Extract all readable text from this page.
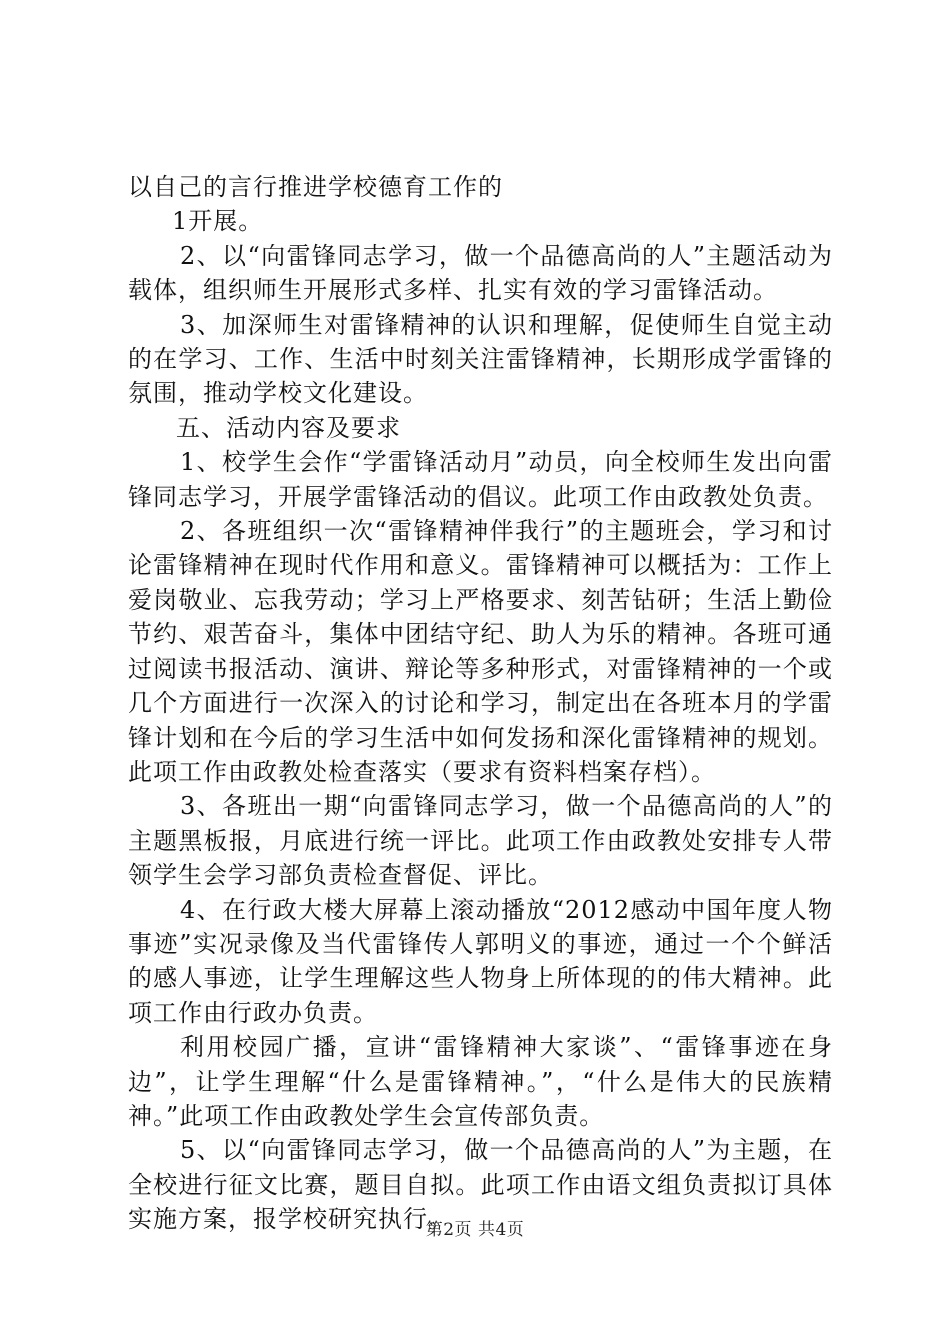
以自己的言行推进学校德育工作的

1开展。

2、以“向雷锋同志学习，做一个品德高尚的人”主题活动为载体，组织师生开展形式多样、扎实有效的学习雷锋活动。

3、加深师生对雷锋精神的认识和理解，促使师生自觉主动的在学习、工作、生活中时刻关注雷锋精神，长期形成学雷锋的氛围，推动学校文化建设。

五、活动内容及要求

1、校学生会作“学雷锋活动月”动员，向全校师生发出向雷锋同志学习，开展学雷锋活动的倡议。此项工作由政教处负责。

2、各班组织一次“雷锋精神伴我行”的主题班会，学习和讨论雷锋精神在现时代作用和意义。雷锋精神可以概括为：工作上爱岗敬业、忘我劳动；学习上严格要求、刻苦钻研；生活上勤俭节约、艰苦奋斗，集体中团结守纪、助人为乐的精神。各班可通过阅读书报活动、演讲、辩论等多种形式，对雷锋精神的一个或几个方面进行一次深入的讨论和学习，制定出在各班本月的学雷锋计划和在今后的学习生活中如何发扬和深化雷锋精神的规划。此项工作由政教处检查落实（要求有资料档案存档）。

3、各班出一期“向雷锋同志学习，做一个品德高尚的人”的主题黑板报，月底进行统一评比。此项工作由政教处安排专人带领学生会学习部负责检查督促、评比。

4、在行政大楼大屏幕上滚动播放“2012感动中国年度人物事迹”实况录像及当代雷锋传人郭明义的事迹，通过一个个鲜活的感人事迹，让学生理解这些人物身上所体现的的伟大精神。此项工作由行政办负责。

利用校园广播，宣讲“雷锋精神大家谈”、“雷锋事迹在身边”，让学生理解“什么是雷锋精神。”，“什么是伟大的民族精神。”此项工作由政教处学生会宣传部负责。

5、以“向雷锋同志学习，做一个品德高尚的人”为主题，在全校进行征文比赛，题目自拟。此项工作由语文组负责拟订具体实施方案，报学校研究执行。

第2页 共4页
